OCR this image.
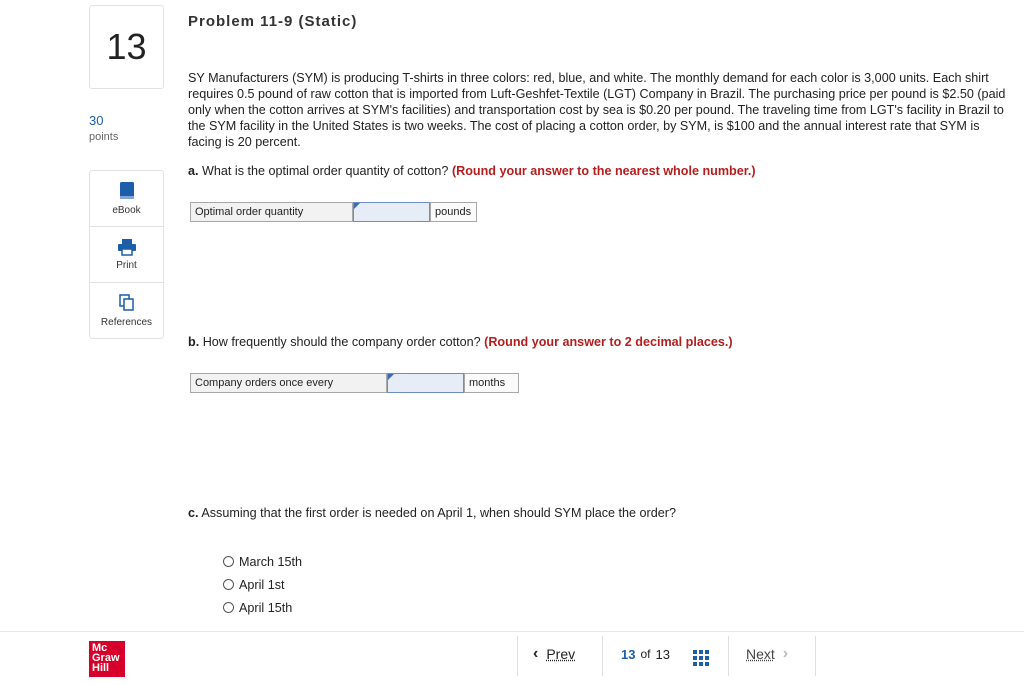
13
30
points
eBook
Print
References
Problem 11-9 (Static)

SY Manufacturers (SYM) is producing T-shirts in three colors: red, blue, and white. The monthly demand for each color is 3,000 units. Each shirt requires 0.5 pound of raw cotton that is imported from Luft-Geshfet-Textile (LGT) Company in Brazil. The purchasing price per pound is $2.50 (paid only when the cotton arrives at SYM's facilities) and transportation cost by sea is $0.20 per pound. The traveling time from LGT's facility in Brazil to the SYM facility in the United States is two weeks. The cost of placing a cotton order, by SYM, is $100 and the annual interest rate that SYM is facing is 20 percent.

a. What is the optimal order quantity of cotton? (Round your answer to the nearest whole number.)
Optimal order quantity	pounds
b. How frequently should the company order cotton? (Round your answer to 2 decimal places.)
Company orders once every	months
c. Assuming that the first order is needed on April 1, when should SYM place the order?
March 15th
April 1st
April 15th
Mc
Graw
Hill
‹ Prev	13 of 13	Next ›
